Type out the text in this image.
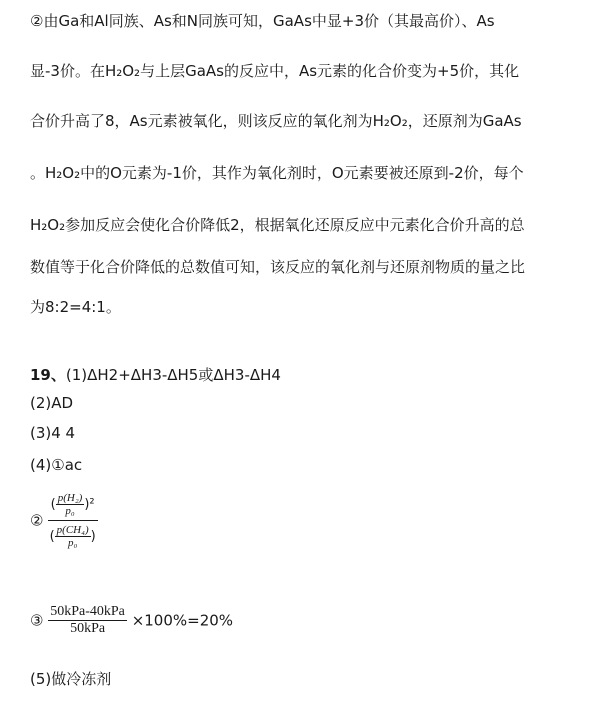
②由Ga和Al同族、As和N同族可知，GaAs中显+3价（其最高价）、As
显-3价。在H₂O₂与上层GaAs的反应中，As元素的化合价变为+5价，其化
合价升高了8，As元素被氧化，则该反应的氧化剂为H₂O₂，还原剂为GaAs
。H₂O₂中的O元素为-1价，其作为氧化剂时，O元素要被还原到-2价，每个
H₂O₂参加反应会使化合价降低2，根据氧化还原反应中元素化合价升高的总
数值等于化合价降低的总数值可知，该反应的氧化剂与还原剂物质的量之比
为8:2=4:1。
19、(1)ΔH2+ΔH3-ΔH5或ΔH3-ΔH4
(2)AD
(3)4 4
(4)①ac
② $\frac{( \frac{\text{p(H₂)}}{\text{p₀}} )^2}{( \frac{\text{p(CH₄)}}{\text{p₀}} )}$
③ $\frac{\text{50kPa-40kPa}}{\text{50kPa}} \times 100\%=20\%$
(5)做冷冻剂
